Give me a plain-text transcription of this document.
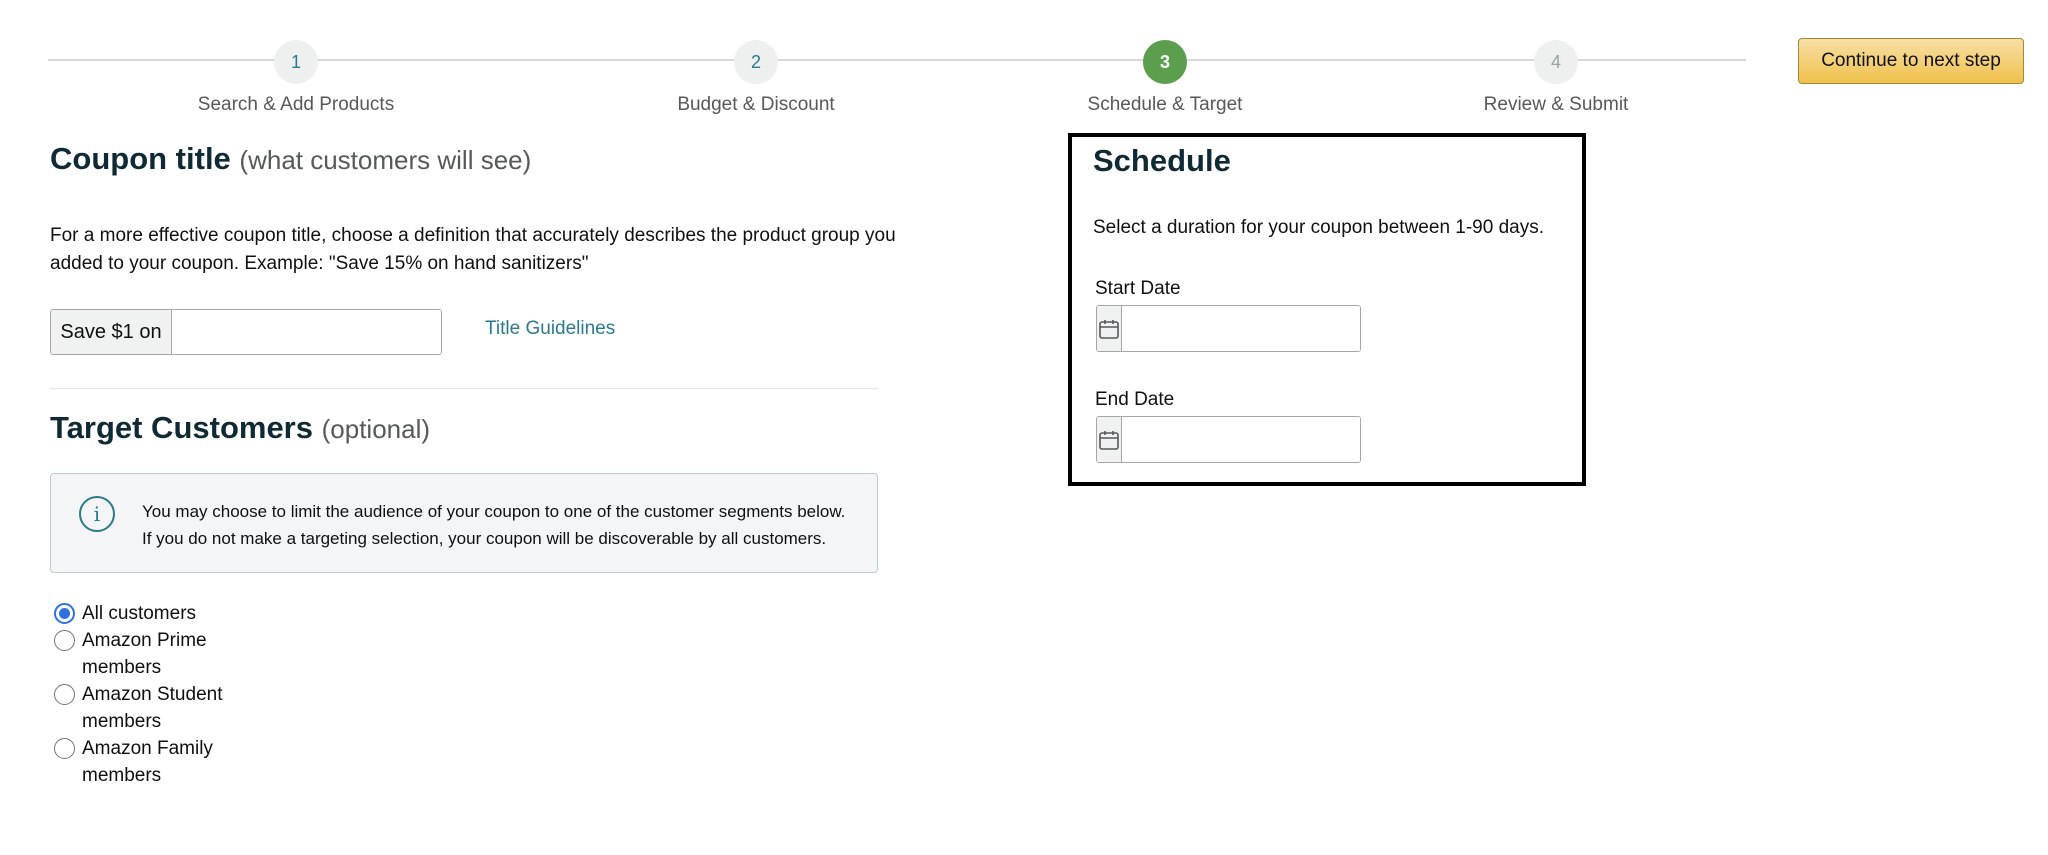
1
Search & Add Products
2
Budget & Discount
3
Schedule & Target
4
Review & Submit
Continue to next step
Coupon title (what customers will see)
For a more effective coupon title, choose a definition that accurately describes the product group you added to your coupon. Example: "Save 15% on hand sanitizers"
Save $1 on	Title Guidelines
Target Customers (optional)
i	You may choose to limit the audience of your coupon to one of the customer segments below.
If you do not make a targeting selection, your coupon will be discoverable by all customers.
All customers
Amazon Prime members
Amazon Student members
Amazon Family members
Schedule
Select a duration for your coupon between 1-90 days.
Start Date
End Date
